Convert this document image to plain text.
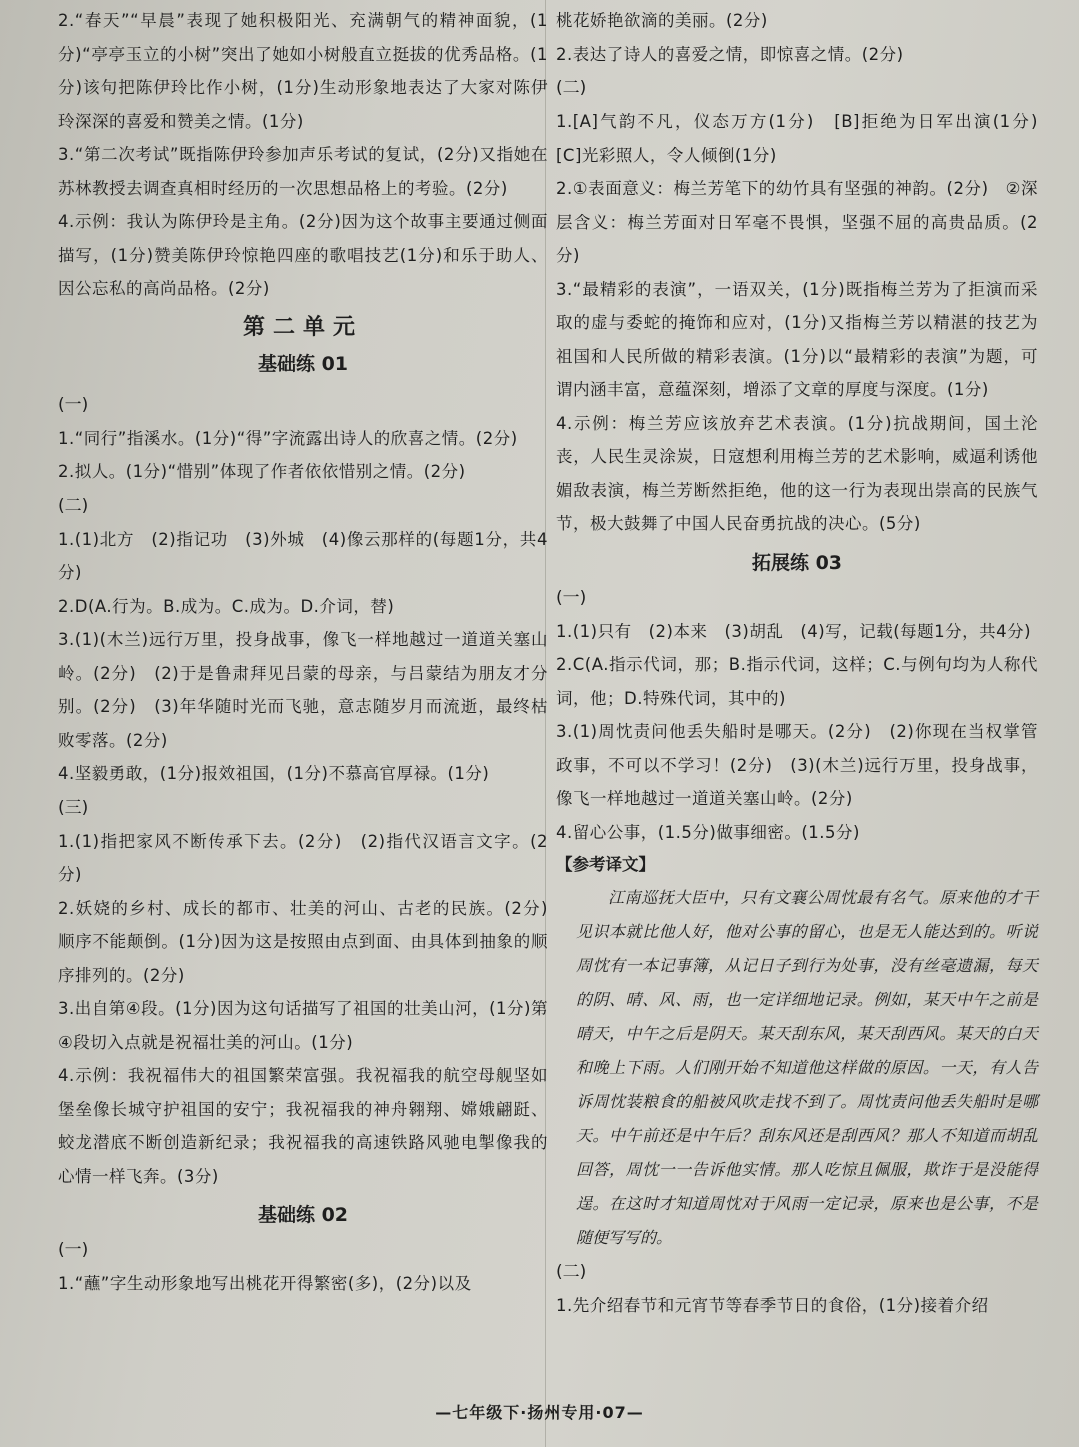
2.“春天”“早晨”表现了她积极阳光、充满朝气的精神面貌，(1分)“亭亭玉立的小树”突出了她如小树般直立挺拔的优秀品格。(1分)该句把陈伊玲比作小树，(1分)生动形象地表达了大家对陈伊玲深深的喜爱和赞美之情。(1分)

3.“第二次考试”既指陈伊玲参加声乐考试的复试，(2分)又指她在苏林教授去调查真相时经历的一次思想品格上的考验。(2分)

4.示例：我认为陈伊玲是主角。(2分)因为这个故事主要通过侧面描写，(1分)赞美陈伊玲惊艳四座的歌唱技艺(1分)和乐于助人、因公忘私的高尚品格。(2分)

第二单元

基础练 01

(一)

1.“同行”指溪水。(1分)“得”字流露出诗人的欣喜之情。(2分)

2.拟人。(1分)“惜别”体现了作者依依惜别之情。(2分)

(二)

1.(1)北方　(2)指记功　(3)外城　(4)像云那样的(每题1分，共4分)

2.D(A.行为。B.成为。C.成为。D.介词，替)

3.(1)(木兰)远行万里，投身战事，像飞一样地越过一道道关塞山岭。(2分)　(2)于是鲁肃拜见吕蒙的母亲，与吕蒙结为朋友才分别。(2分)　(3)年华随时光而飞驰，意志随岁月而流逝，最终枯败零落。(2分)

4.坚毅勇敢，(1分)报效祖国，(1分)不慕高官厚禄。(1分)

(三)

1.(1)指把家风不断传承下去。(2分)　(2)指代汉语言文字。(2分)

2.妖娆的乡村、成长的都市、壮美的河山、古老的民族。(2分)　顺序不能颠倒。(1分)因为这是按照由点到面、由具体到抽象的顺序排列的。(2分)

3.出自第④段。(1分)因为这句话描写了祖国的壮美山河，(1分)第④段切入点就是祝福壮美的河山。(1分)

4.示例：我祝福伟大的祖国繁荣富强。我祝福我的航空母舰坚如堡垒像长城守护祖国的安宁；我祝福我的神舟翱翔、嫦娥翩跹、蛟龙潜底不断创造新纪录；我祝福我的高速铁路风驰电掣像我的心情一样飞奔。(3分)

基础练 02

(一)

1.“蘸”字生动形象地写出桃花开得繁密(多)，(2分)以及

桃花娇艳欲滴的美丽。(2分)

2.表达了诗人的喜爱之情，即惊喜之情。(2分)

(二)

1.[A]气韵不凡，仪态万方(1分)　[B]拒绝为日军出演(1分)　[C]光彩照人，令人倾倒(1分)

2.①表面意义：梅兰芳笔下的幼竹具有坚强的神韵。(2分)　②深层含义：梅兰芳面对日军毫不畏惧，坚强不屈的高贵品质。(2分)

3.“最精彩的表演”，一语双关，(1分)既指梅兰芳为了拒演而采取的虚与委蛇的掩饰和应对，(1分)又指梅兰芳以精湛的技艺为祖国和人民所做的精彩表演。(1分)以“最精彩的表演”为题，可谓内涵丰富，意蕴深刻，增添了文章的厚度与深度。(1分)

4.示例：梅兰芳应该放弃艺术表演。(1分)抗战期间，国土沦丧，人民生灵涂炭，日寇想利用梅兰芳的艺术影响，威逼利诱他媚敌表演，梅兰芳断然拒绝，他的这一行为表现出崇高的民族气节，极大鼓舞了中国人民奋勇抗战的决心。(5分)

拓展练 03

(一)

1.(1)只有　(2)本来　(3)胡乱　(4)写，记载(每题1分，共4分)

2.C(A.指示代词，那；B.指示代词，这样；C.与例句均为人称代词，他；D.特殊代词，其中的)

3.(1)周忱责问他丢失船时是哪天。(2分)　(2)你现在当权掌管政事，不可以不学习！(2分)　(3)(木兰)远行万里，投身战事，像飞一样地越过一道道关塞山岭。(2分)

4.留心公事，(1.5分)做事细密。(1.5分)

【参考译文】

江南巡抚大臣中，只有文襄公周忱最有名气。原来他的才干见识本就比他人好，他对公事的留心，也是无人能达到的。听说周忱有一本记事簿，从记日子到行为处事，没有丝毫遗漏，每天的阴、晴、风、雨，也一定详细地记录。例如，某天中午之前是晴天，中午之后是阴天。某天刮东风，某天刮西风。某天的白天和晚上下雨。人们刚开始不知道他这样做的原因。一天，有人告诉周忱装粮食的船被风吹走找不到了。周忱责问他丢失船时是哪天。中午前还是中午后？刮东风还是刮西风？那人不知道而胡乱回答，周忱一一告诉他实情。那人吃惊且佩服，欺诈于是没能得逞。在这时才知道周忱对于风雨一定记录，原来也是公事，不是随便写写的。

(二)

1.先介绍春节和元宵节等春季节日的食俗，(1分)接着介绍

—七年级下·扬州专用·07—
